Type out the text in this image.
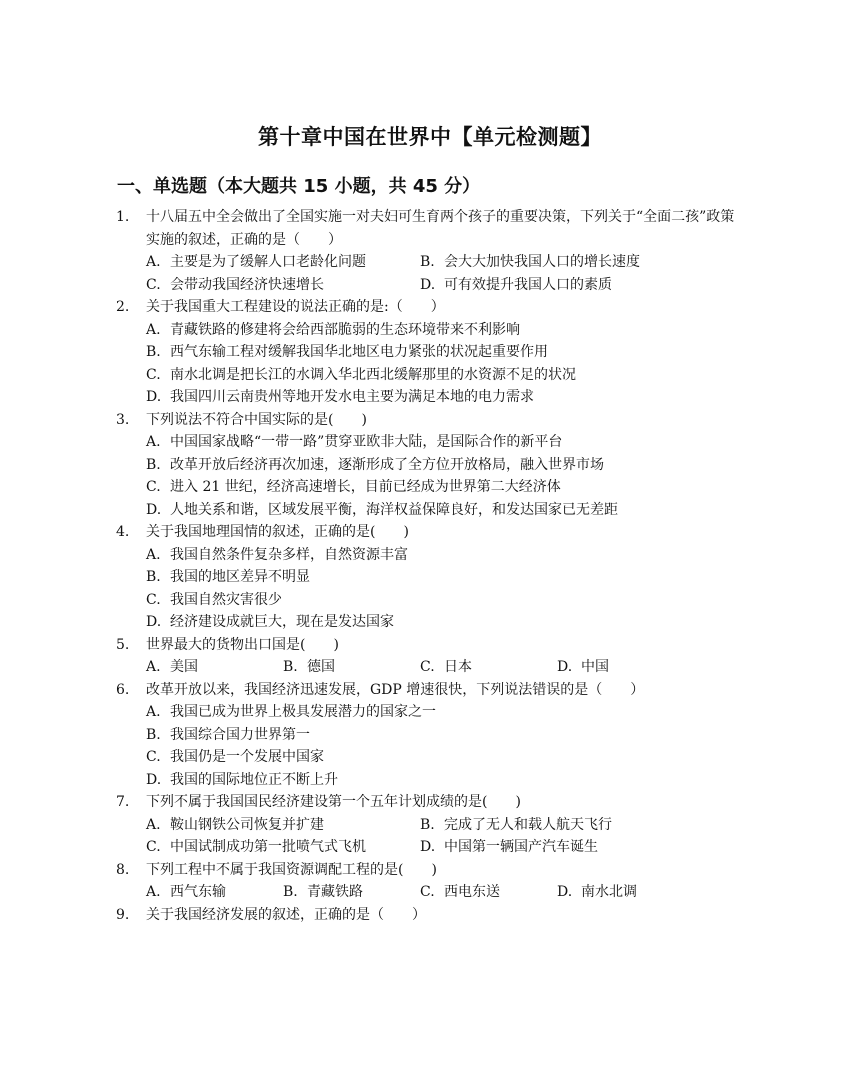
第十章中国在世界中【单元检测题】
一、单选题（本大题共 15 小题，共 45 分）
1.	十八届五中全会做出了全国实施一对夫妇可生育两个孩子的重要决策，下列关于“全面二孩”政策实施的叙述，正确的是（　　）
A. 主要是为了缓解人口老龄化问题	B. 会大大加快我国人口的增长速度
C. 会带动我国经济快速增长	D. 可有效提升我国人口的素质
2.	关于我国重大工程建设的说法正确的是:（　　）
A. 青藏铁路的修建将会给西部脆弱的生态环境带来不利影响
B. 西气东输工程对缓解我国华北地区电力紧张的状况起重要作用
C. 南水北调是把长江的水调入华北西北缓解那里的水资源不足的状况
D. 我国四川云南贵州等地开发水电主要为满足本地的电力需求
3.	下列说法不符合中国实际的是(　　)
A. 中国国家战略“一带一路”贯穿亚欧非大陆，是国际合作的新平台
B. 改革开放后经济再次加速，逐渐形成了全方位开放格局，融入世界市场
C. 进入 21 世纪，经济高速增长，目前已经成为世界第二大经济体
D. 人地关系和谐，区域发展平衡，海洋权益保障良好，和发达国家已无差距
4.	关于我国地理国情的叙述，正确的是(　　)
A. 我国自然条件复杂多样，自然资源丰富
B. 我国的地区差异不明显
C. 我国自然灾害很少
D. 经济建设成就巨大，现在是发达国家
5.	世界最大的货物出口国是(　　)
A. 美国	B. 德国	C. 日本	D. 中国
6.	改革开放以来，我国经济迅速发展，GDP 增速很快，下列说法错误的是（　　）
A. 我国已成为世界上极具发展潜力的国家之一
B. 我国综合国力世界第一
C. 我国仍是一个发展中国家
D. 我国的国际地位正不断上升
7.	下列不属于我国国民经济建设第一个五年计划成绩的是(　　)
A. 鞍山钢铁公司恢复并扩建	B. 完成了无人和载人航天飞行
C. 中国试制成功第一批喷气式飞机	D. 中国第一辆国产汽车诞生
8.	下列工程中不属于我国资源调配工程的是(　　)
A. 西气东输	B. 青藏铁路	C. 西电东送	D. 南水北调
9.	关于我国经济发展的叙述，正确的是（　　）
